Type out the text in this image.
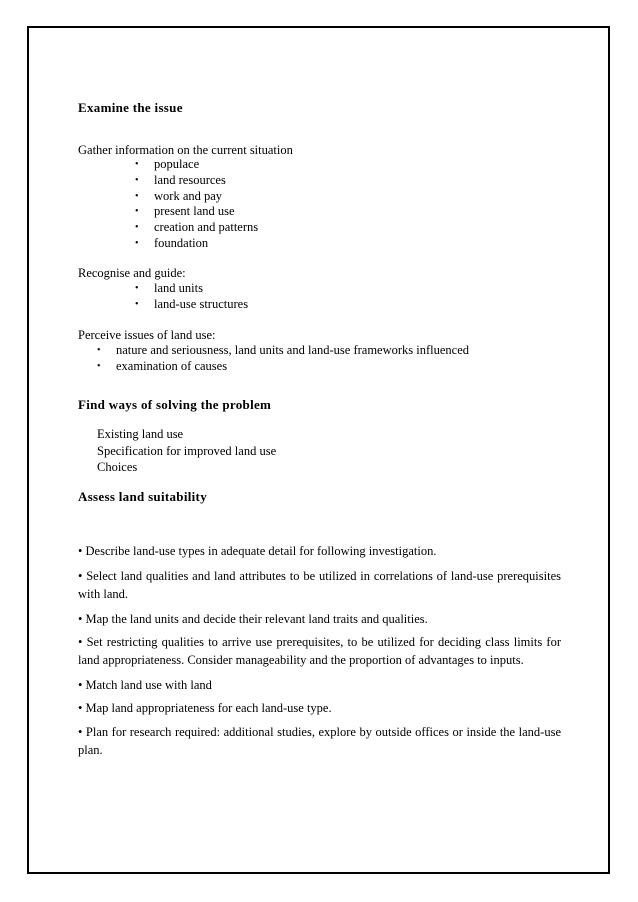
Examine the issue
Gather information on the current situation
• populace
• land resources
• work and pay
• present land use
• creation and patterns
• foundation
Recognise and guide:
• land units
• land-use structures
Perceive issues of land use:
• nature and seriousness, land units and land-use frameworks influenced
• examination of causes
Find ways of solving the problem
Existing land use
Specification for improved land use
Choices
Assess land suitability
• Describe land-use types in adequate detail for following investigation.
• Select land qualities and land attributes to be utilized in correlations of land-use prerequisites with land.
• Map the land units and decide their relevant land traits and qualities.
• Set restricting qualities to arrive use prerequisites, to be utilized for deciding class limits for land appropriateness. Consider manageability and the proportion of advantages to inputs.
• Match land use with land
• Map land appropriateness for each land-use type.
• Plan for research required: additional studies, explore by outside offices or inside the land-use plan.
